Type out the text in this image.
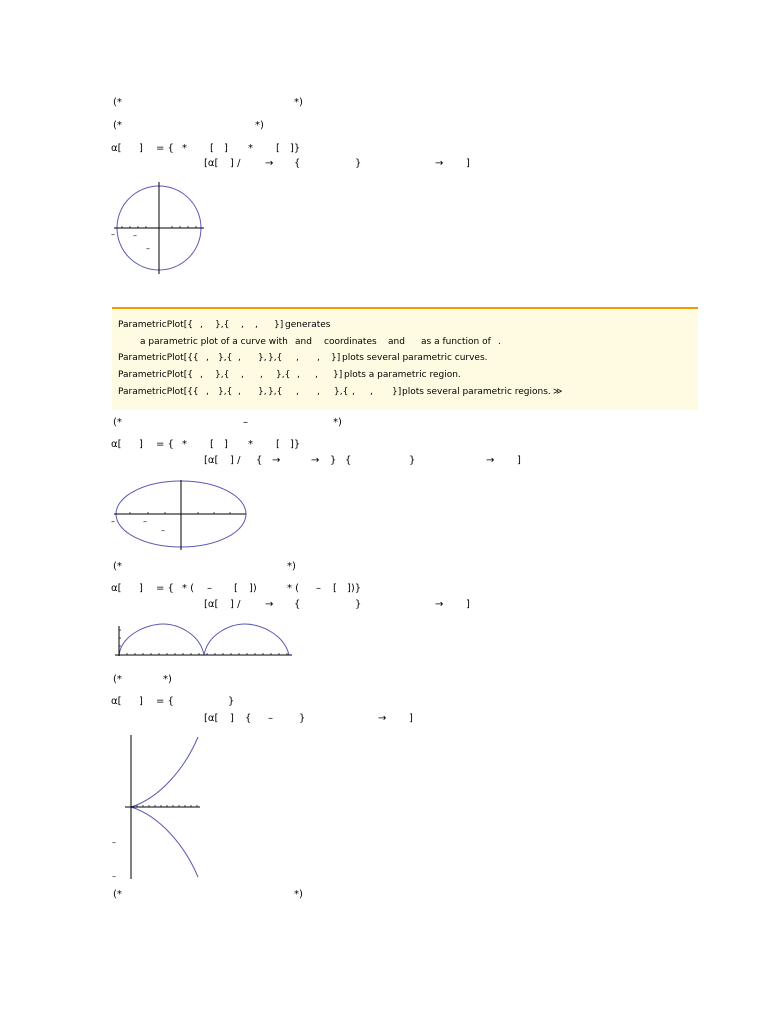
(*	*)
(*	*)
α[ ] = { * [ ] * [ ]}
[α[ ] / → {	}	→ ]
– –
–
ParametricPlot[{ , },{ , , }] generates
a parametric plot of a curve with and coordinates and as a function of .
ParametricPlot[{{ , },{ , }, },{ , , }] plots several parametric curves.
ParametricPlot[{ , },{ , , },{ , , }] plots a parametric region.
ParametricPlot[{{ , },{ , }, },{ , , },{ , , }] plots several parametric regions. ≫
(*	–	*)
α[ ] = { * [ ] * [ ]}
[α[ ] / { →	→ } {	}	→ ]
–	–
–
(*	*)
α[ ] = { * ( – [ ])	* ( – [ ])}
[α[ ] / → {	}	→ ]
(*	*)
α[ ] = {	}
[α[ ] { –	}	→ ]
–
–
(*	*)
